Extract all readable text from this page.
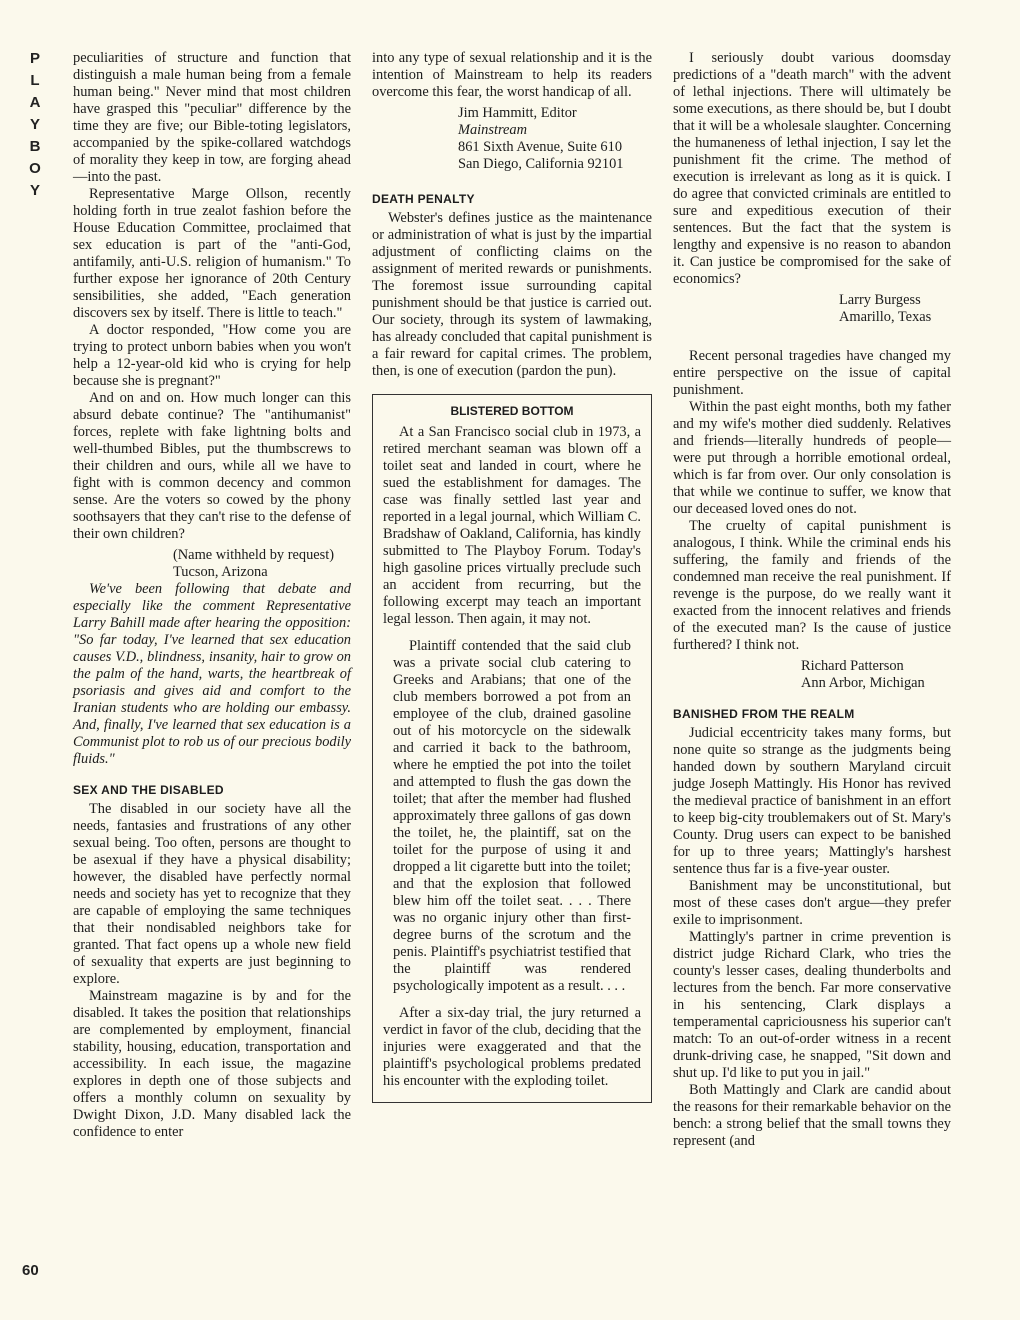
P
L
A
Y
B
O
Y
60

peculiarities of structure and function that distinguish a male human being from a female human being." Never mind that most children have grasped this "peculiar" difference by the time they are five; our Bible-toting legislators, accompanied by the spike-collared watchdogs of morality they keep in tow, are forging ahead—into the past.

Representative Marge Ollson, recently holding forth in true zealot fashion before the House Education Committee, proclaimed that sex education is part of the "anti-God, antifamily, anti-U.S. religion of humanism." To further expose her ignorance of 20th Century sensibilities, she added, "Each generation discovers sex by itself. There is little to teach."

A doctor responded, "How come you are trying to protect unborn babies when you won't help a 12-year-old kid who is crying for help because she is pregnant?"

And on and on. How much longer can this absurd debate continue? The "antihumanist" forces, replete with fake lightning bolts and well-thumbed Bibles, put the thumbscrews to their children and ours, while all we have to fight with is common decency and common sense. Are the voters so cowed by the phony soothsayers that they can't rise to the defense of their own children?

(Name withheld by request)
Tucson, Arizona

We've been following that debate and especially like the comment Representative Larry Bahill made after hearing the opposition: "So far today, I've learned that sex education causes V.D., blindness, insanity, hair to grow on the palm of the hand, warts, the heartbreak of psoriasis and gives aid and comfort to the Iranian students who are holding our embassy. And, finally, I've learned that sex education is a Communist plot to rob us of our precious bodily fluids."

SEX AND THE DISABLED

The disabled in our society have all the needs, fantasies and frustrations of any other sexual being. Too often, persons are thought to be asexual if they have a physical disability; however, the disabled have perfectly normal needs and society has yet to recognize that they are capable of employing the same techniques that their nondisabled neighbors take for granted. That fact opens up a whole new field of sexuality that experts are just beginning to explore.

Mainstream magazine is by and for the disabled. It takes the position that relationships are complemented by employment, financial stability, housing, education, transportation and accessibility. In each issue, the magazine explores in depth one of those subjects and offers a monthly column on sexuality by Dwight Dixon, J.D. Many disabled lack the confidence to enter

into any type of sexual relationship and it is the intention of Mainstream to help its readers overcome this fear, the worst handicap of all.

Jim Hammitt, Editor
Mainstream
861 Sixth Avenue, Suite 610
San Diego, California 92101
DEATH PENALTY

Webster's defines justice as the maintenance or administration of what is just by the impartial adjustment of conflicting claims on the assignment of merited rewards or punishments. The foremost issue surrounding capital punishment should be that justice is carried out. Our society, through its system of lawmaking, has already concluded that capital punishment is a fair reward for capital crimes. The problem, then, is one of execution (pardon the pun).

BLISTERED BOTTOM

At a San Francisco social club in 1973, a retired merchant seaman was blown off a toilet seat and landed in court, where he sued the establishment for damages. The case was finally settled last year and reported in a legal journal, which William C. Bradshaw of Oakland, California, has kindly submitted to The Playboy Forum. Today's high gasoline prices virtually preclude such an accident from recurring, but the following excerpt may teach an important legal lesson. Then again, it may not.

Plaintiff contended that the said club was a private social club catering to Greeks and Arabians; that one of the club members borrowed a pot from an employee of the club, drained gasoline out of his motorcycle on the sidewalk and carried it back to the bathroom, where he emptied the pot into the toilet and attempted to flush the gas down the toilet; that after the member had flushed approximately three gallons of gas down the toilet, he, the plaintiff, sat on the toilet for the purpose of using it and dropped a lit cigarette butt into the toilet; and that the explosion that followed blew him off the toilet seat. . . . There was no organic injury other than first-degree burns of the scrotum and the penis. Plaintiff's psychiatrist testified that the plaintiff was rendered psychologically impotent as a result. . . .

After a six-day trial, the jury returned a verdict in favor of the club, deciding that the injuries were exaggerated and that the plaintiff's psychological problems predated his encounter with the exploding toilet.

I seriously doubt various doomsday predictions of a "death march" with the advent of lethal injections. There will ultimately be some executions, as there should be, but I doubt that it will be a wholesale slaughter. Concerning the humaneness of lethal injection, I say let the punishment fit the crime. The method of execution is irrelevant as long as it is quick. I do agree that convicted criminals are entitled to sure and expeditious execution of their sentences. But the fact that the system is lengthy and expensive is no reason to abandon it. Can justice be compromised for the sake of economics?

Larry Burgess
Amarillo, Texas

Recent personal tragedies have changed my entire perspective on the issue of capital punishment.

Within the past eight months, both my father and my wife's mother died suddenly. Relatives and friends—literally hundreds of people—were put through a horrible emotional ordeal, which is far from over. Our only consolation is that while we continue to suffer, we know that our deceased loved ones do not.

The cruelty of capital punishment is analogous, I think. While the criminal ends his suffering, the family and friends of the condemned man receive the real punishment. If revenge is the purpose, do we really want it exacted from the innocent relatives and friends of the executed man? Is the cause of justice furthered? I think not.

Richard Patterson
Ann Arbor, Michigan
BANISHED FROM THE REALM

Judicial eccentricity takes many forms, but none quite so strange as the judgments being handed down by southern Maryland circuit judge Joseph Mattingly. His Honor has revived the medieval practice of banishment in an effort to keep big-city troublemakers out of St. Mary's County. Drug users can expect to be banished for up to three years; Mattingly's harshest sentence thus far is a five-year ouster.

Banishment may be unconstitutional, but most of these cases don't argue—they prefer exile to imprisonment.

Mattingly's partner in crime prevention is district judge Richard Clark, who tries the county's lesser cases, dealing thunderbolts and lectures from the bench. Far more conservative in his sentencing, Clark displays a temperamental capriciousness his superior can't match: To an out-of-order witness in a recent drunk-driving case, he snapped, "Sit down and shut up. I'd like to put you in jail."

Both Mattingly and Clark are candid about the reasons for their remarkable behavior on the bench: a strong belief that the small towns they represent (and
